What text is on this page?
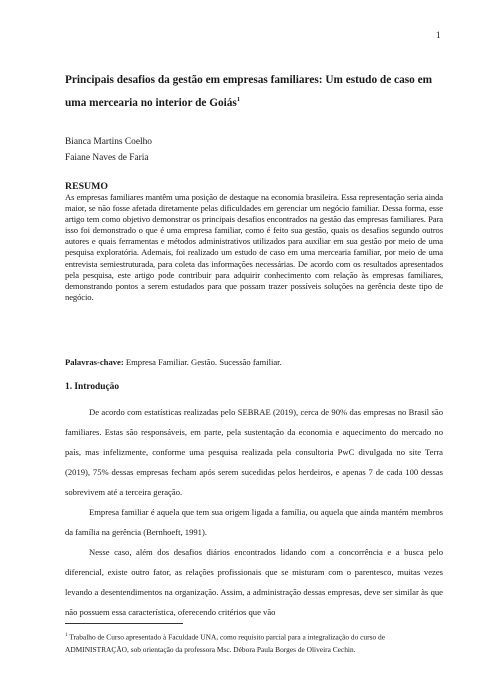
1
Principais desafios da gestão em empresas familiares: Um estudo de caso em uma mercearia no interior de Goiás$^1$
Bianca Martins Coelho
Faiane Naves de Faria
RESUMO

As empresas familiares mantêm uma posição de destaque na economia brasileira. Essa representação seria ainda maior, se não fosse afetada diretamente pelas dificuldades em gerenciar um negócio familiar. Dessa forma, esse artigo tem como objetivo demonstrar os principais desafios encontrados na gestão das empresas familiares. Para isso foi demonstrado o que é uma empresa familiar, como é feito sua gestão, quais os desafios segundo outros autores e quais ferramentas e métodos administrativos utilizados para auxiliar em sua gestão por meio de uma pesquisa exploratória. Ademais, foi realizado um estudo de caso em uma mercearia familiar, por meio de uma entrevista semiestruturada, para coleta das informações necessárias. De acordo com os resultados apresentados pela pesquisa, este artigo pode contribuir para adquirir conhecimento com relação às empresas familiares, demonstrando pontos a serem estudados para que possam trazer possíveis soluções na gerência deste tipo de negócio.

Palavras-chave: Empresa Familiar. Gestão. Sucessão familiar.

1. Introdução

De acordo com estatísticas realizadas pelo SEBRAE (2019), cerca de 90% das empresas no Brasil são familiares. Estas são responsáveis, em parte, pela sustentação da economia e aquecimento do mercado no país, mas infelizmente, conforme uma pesquisa realizada pela consultoria PwC divulgada no site Terra (2019), 75% dessas empresas fecham após serem sucedidas pelos herdeiros, e apenas 7 de cada 100 dessas sobrevivem até a terceira geração.

Empresa familiar é aquela que tem sua origem ligada a família, ou aquela que ainda mantém membros da família na gerência (Bernhoeft, 1991).

Nesse caso, além dos desafios diários encontrados lidando com a concorrência e a busca pelo diferencial, existe outro fator, as relações profissionais que se misturam com o parentesco, muitas vezes levando a desentendimentos na organização. Assim, a administração dessas empresas, deve ser similar às que não possuem essa característica, oferecendo critérios que vão

$^1$ Trabalho de Curso apresentado à Faculdade UNA, como requisito parcial para a integralização do curso de ADMINISTRAÇÃO, sob orientação da professora Msc. Débora Paula Borges de Oliveira Cechin.
